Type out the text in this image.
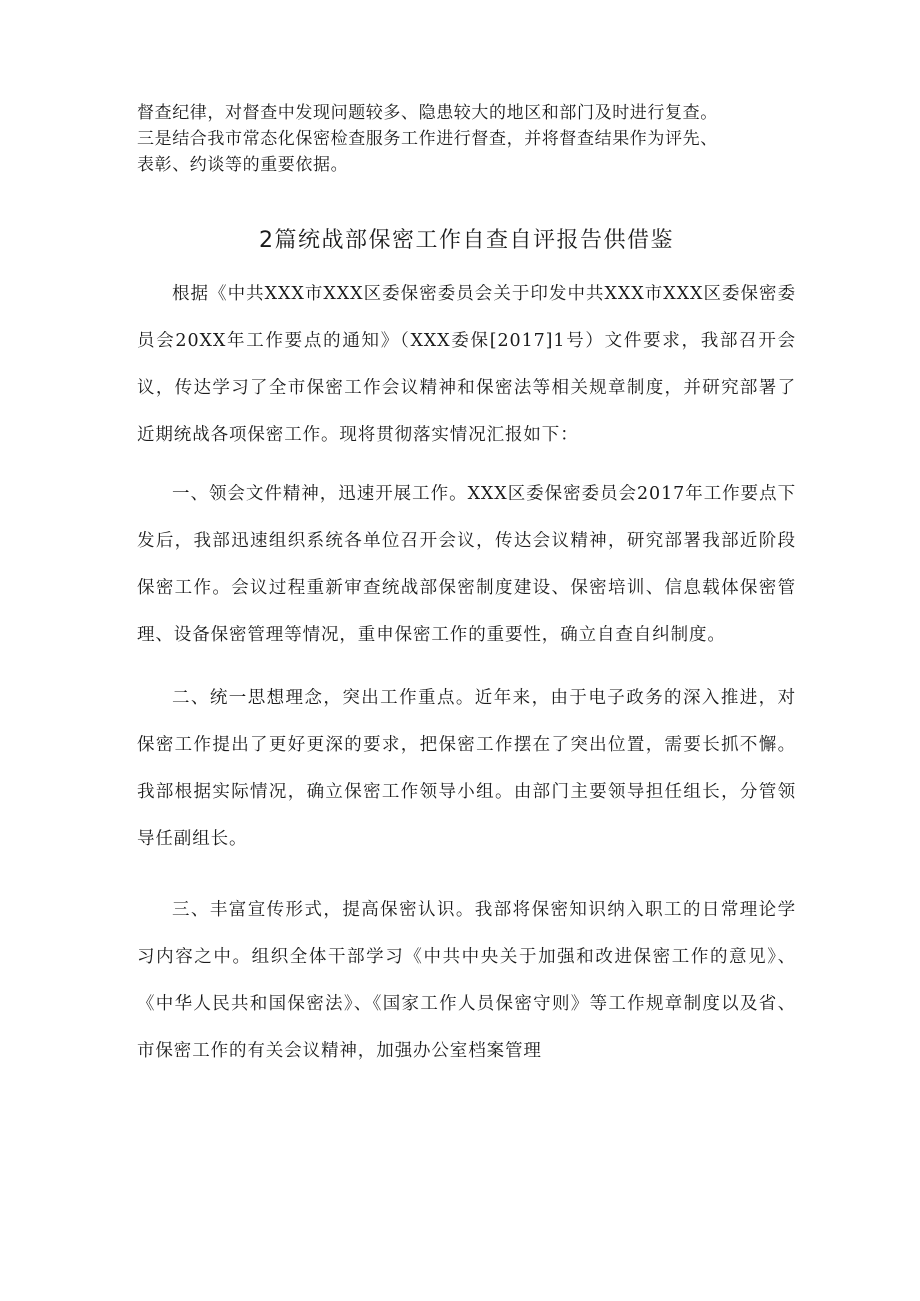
督查纪律，对督查中发现问题较多、隐患较大的地区和部门及时进行复查。

三是结合我市常态化保密检查服务工作进行督查，并将督查结果作为评先、

表彰、约谈等的重要依据。

2篇统战部保密工作自查自评报告供借鉴

根据《中共XXX市XXX区委保密委员会关于印发中共XXX市XXX区委保密委员会20XX年工作要点的通知》（XXX委保[2017]1号）文件要求，我部召开会议，传达学习了全市保密工作会议精神和保密法等相关规章制度，并研究部署了近期统战各项保密工作。现将贯彻落实情况汇报如下：

一、领会文件精神，迅速开展工作。XXX区委保密委员会2017年工作要点下发后，我部迅速组织系统各单位召开会议，传达会议精神，研究部署我部近阶段保密工作。会议过程重新审查统战部保密制度建设、保密培训、信息载体保密管理、设备保密管理等情况，重申保密工作的重要性，确立自查自纠制度。

二、统一思想理念，突出工作重点。近年来，由于电子政务的深入推进，对保密工作提出了更好更深的要求，把保密工作摆在了突出位置，需要长抓不懈。我部根据实际情况，确立保密工作领导小组。由部门主要领导担任组长，分管领导任副组长。

三、丰富宣传形式，提高保密认识。我部将保密知识纳入职工的日常理论学习内容之中。组织全体干部学习《中共中央关于加强和改进保密工作的意见》、《中华人民共和国保密法》、《国家工作人员保密守则》等工作规章制度以及省、市保密工作的有关会议精神，加强办公室档案管理
